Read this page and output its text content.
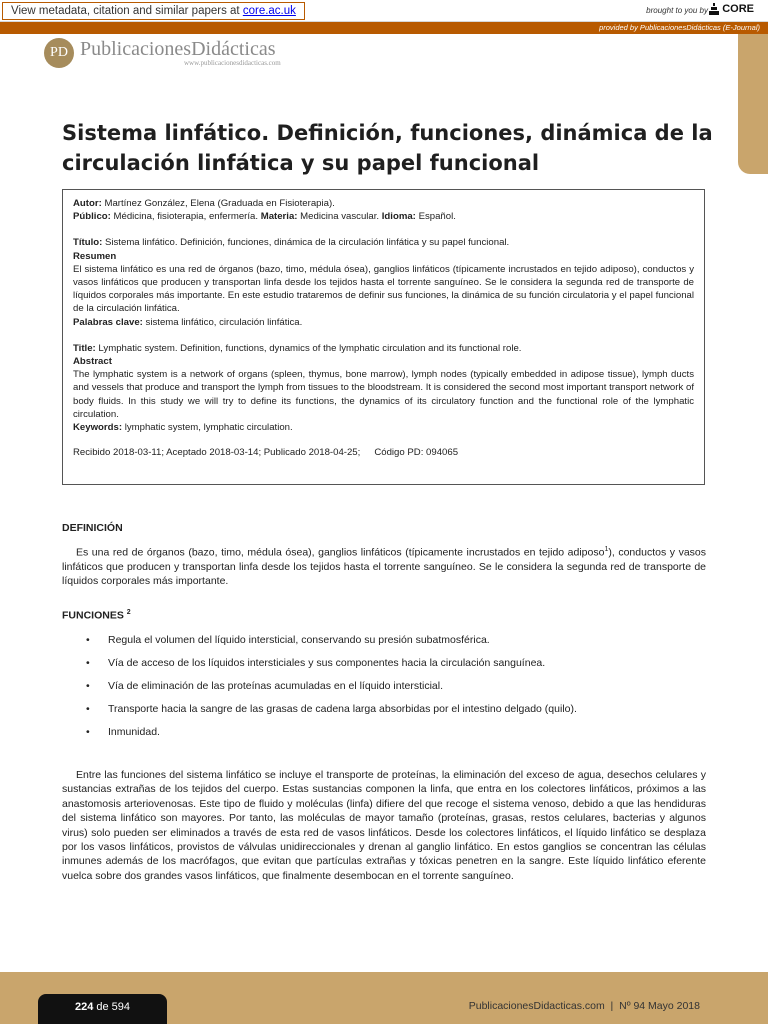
View metadata, citation and similar papers at core.ac.uk	brought to you by CORE
provided by PublicacionesDidácticas (E-Journal)
PD PublicacionesDidácticas
www.publicacionesdidacticas.com
Sistema linfático. Definición, funciones, dinámica de la circulación linfática y su papel funcional

Autor: Martínez González, Elena (Graduada en Fisioterapia).

Público: Médicina, fisioterapia, enfermería. Materia: Medicina vascular. Idioma: Español.

Título: Sistema linfático. Definición, funciones, dinámica de la circulación linfática y su papel funcional.

Resumen

El sistema linfático es una red de órganos (bazo, timo, médula ósea), ganglios linfáticos (típicamente incrustados en tejido adiposo), conductos y vasos linfáticos que producen y transportan linfa desde los tejidos hasta el torrente sanguíneo. Se le considera la segunda red de transporte de líquidos corporales más importante. En este estudio trataremos de definir sus funciones, la dinámica de su función circulatoria y el papel funcional de la circulación linfática.

Palabras clave: sistema linfático, circulación linfática.

Title: Lymphatic system. Definition, functions, dynamics of the lymphatic circulation and its functional role.

Abstract

The lymphatic system is a network of organs (spleen, thymus, bone marrow), lymph nodes (typically embedded in adipose tissue), lymph ducts and vessels that produce and transport the lymph from tissues to the bloodstream. It is considered the second most important transport network of body fluids. In this study we will try to define its functions, the dynamics of its circulatory function and the functional role of the lymphatic circulation.

Keywords: lymphatic system, lymphatic circulation.

Recibido 2018-03-11; Aceptado 2018-03-14; Publicado 2018-04-25; Código PD: 094065

DEFINICIÓN

Es una red de órganos (bazo, timo, médula ósea), ganglios linfáticos (típicamente incrustados en tejido adiposo$^1$), conductos y vasos linfáticos que producen y transportan linfa desde los tejidos hasta el torrente sanguíneo. Se le considera la segunda red de transporte de líquidos corporales más importante.

FUNCIONES $^2$
• Regula el volumen del líquido intersticial, conservando su presión subatmosférica.
• Vía de acceso de los líquidos intersticiales y sus componentes hacia la circulación sanguínea.
• Vía de eliminación de las proteínas acumuladas en el líquido intersticial.
• Transporte hacia la sangre de las grasas de cadena larga absorbidas por el intestino delgado (quilo).
• Inmunidad.

Entre las funciones del sistema linfático se incluye el transporte de proteínas, la eliminación del exceso de agua, desechos celulares y sustancias extrañas de los tejidos del cuerpo. Estas sustancias componen la linfa, que entra en los colectores linfáticos, próximos a las anastomosis arteriovenosas. Este tipo de fluido y moléculas (linfa) difiere del que recoge el sistema venoso, debido a que las hendiduras del sistema linfático son mayores. Por tanto, las moléculas de mayor tamaño (proteínas, grasas, restos celulares, bacterias y algunos virus) solo pueden ser eliminados a través de esta red de vasos linfáticos. Desde los colectores linfáticos, el líquido linfático se desplaza por los vasos linfáticos, provistos de válvulas unidireccionales y drenan al ganglio linfático. En estos ganglios se concentran las células inmunes además de los macrófagos, que evitan que partículas extrañas y tóxicas penetren en la sangre. Este líquido linfático eferente vuelca sobre dos grandes vasos linfáticos, que finalmente desembocan en el torrente sanguíneo.

224 de 594	PublicacionesDidacticas.com  |  Nº 94 Mayo 2018
